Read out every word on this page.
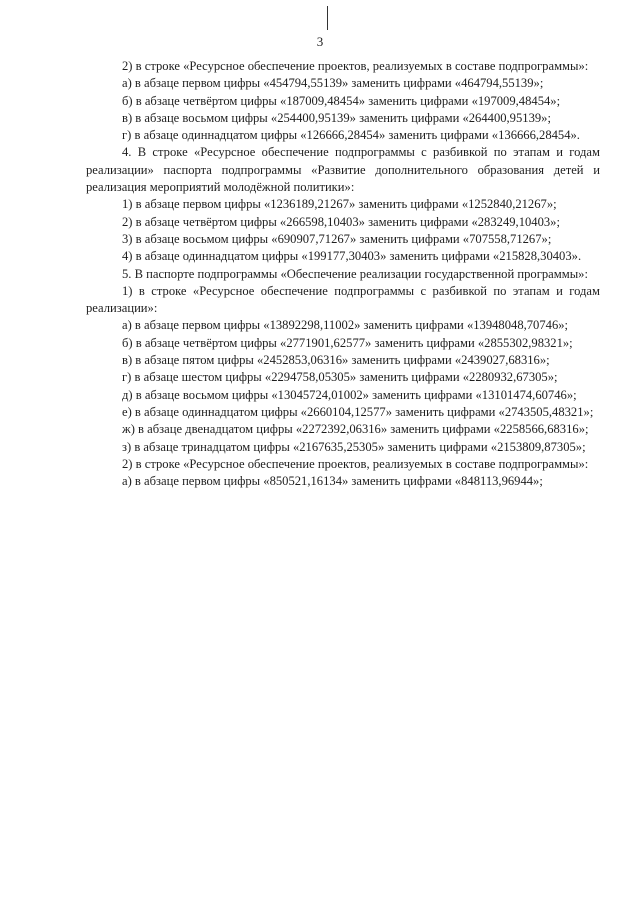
3

2) в строке «Ресурсное обеспечение проектов, реализуемых в составе подпрограммы»:

а) в абзаце первом цифры «454794,55139» заменить цифрами «464794,55139»;

б) в абзаце четвёртом цифры «187009,48454» заменить цифрами «197009,48454»;

в) в абзаце восьмом цифры «254400,95139» заменить цифрами «264400,95139»;

г) в абзаце одиннадцатом цифры «126666,28454» заменить цифрами «136666,28454».

4. В строке «Ресурсное обеспечение подпрограммы с разбивкой по этапам и годам реализации» паспорта подпрограммы «Развитие дополнительного образования детей и реализация мероприятий молодёжной политики»:

1) в абзаце первом цифры «1236189,21267» заменить цифрами «1252840,21267»;

2) в абзаце четвёртом цифры «266598,10403» заменить цифрами «283249,10403»;

3) в абзаце восьмом цифры «690907,71267» заменить цифрами «707558,71267»;

4) в абзаце одиннадцатом цифры «199177,30403» заменить цифрами «215828,30403».

5. В паспорте подпрограммы «Обеспечение реализации государственной программы»:

1) в строке «Ресурсное обеспечение подпрограммы с разбивкой по этапам и годам реализации»:

а) в абзаце первом цифры «13892298,11002» заменить цифрами «13948048,70746»;

б) в абзаце четвёртом цифры «2771901,62577» заменить цифрами «2855302,98321»;

в) в абзаце пятом цифры «2452853,06316» заменить цифрами «2439027,68316»;

г) в абзаце шестом цифры «2294758,05305» заменить цифрами «2280932,67305»;

д) в абзаце восьмом цифры «13045724,01002» заменить цифрами «13101474,60746»;

е) в абзаце одиннадцатом цифры «2660104,12577» заменить цифрами «2743505,48321»;

ж) в абзаце двенадцатом цифры «2272392,06316» заменить цифрами «2258566,68316»;

з) в абзаце тринадцатом цифры «2167635,25305» заменить цифрами «2153809,87305»;

2) в строке «Ресурсное обеспечение проектов, реализуемых в составе подпрограммы»:

а) в абзаце первом цифры «850521,16134» заменить цифрами «848113,96944»;
